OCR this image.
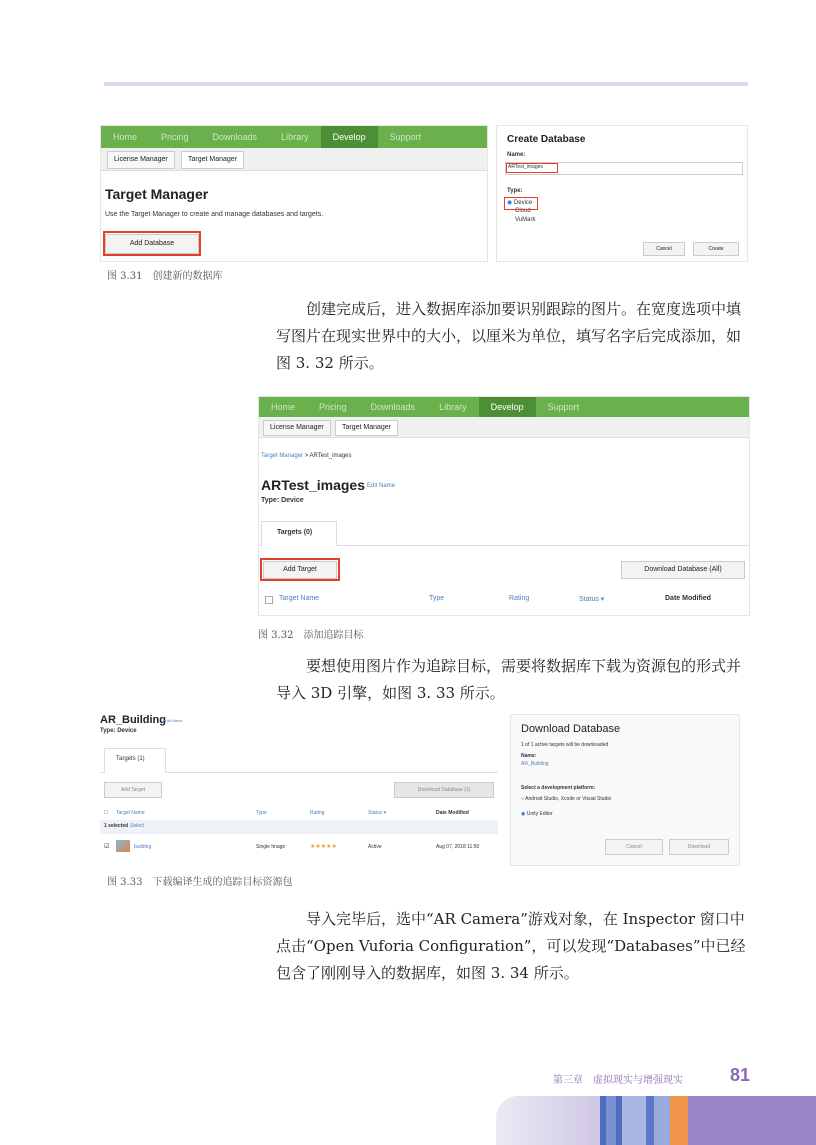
Home	Pricing	Downloads	Library	Develop	Support
License Manager	Target Manager
Target Manager
Use the Target Manager to create and manage databases and targets.
Add Database
Create Database
Name:
ARTest_images
Type:
◉ Device
Cloud
VuMark
Cancel	Create
图 3.31　创建新的数据库
创建完成后，进入数据库添加要识别跟踪的图片。在宽度选项中填写图片在现实世界中的大小，以厘米为单位，填写名字后完成添加，如图 3. 32 所示。
Home	Pricing	Downloads	Library	Develop	Support
License Manager	Target Manager
Target Manager > ARTest_images
ARTest_images Edit Name
Type: Device
Targets (0)
Add Target	Download Database (All)
Target Name	Type	Rating	Status ▾	Date Modified
图 3.32　添加追踪目标
要想使用图片作为追踪目标，需要将数据库下载为资源包的形式并导入 3D 引擎，如图 3. 33 所示。
AR_Building
Edit Name
Type: Device
Targets (1)
Add Target	Download Database (1)
☐ Target Name	Type	Rating	Status ▾	Date Modified
1 selected Select
☑	building	Single Image	★★★★★	Active	Aug 07, 2018 11:50
Download Database
1 of 1 active targets will be downloaded
Name:
AR_Building
Select a development platform:
○ Android Studio, Xcode or Visual Studio
◉ Unity Editor
Cancel	Download
图 3.33　下载编译生成的追踪目标资源包
导入完毕后，选中“AR Camera”游戏对象，在 Inspector 窗口中点击“Open Vuforia Configuration”，可以发现“Databases”中已经包含了刚刚导入的数据库，如图 3. 34 所示。
第三章　虚拟现实与增强现实	81
